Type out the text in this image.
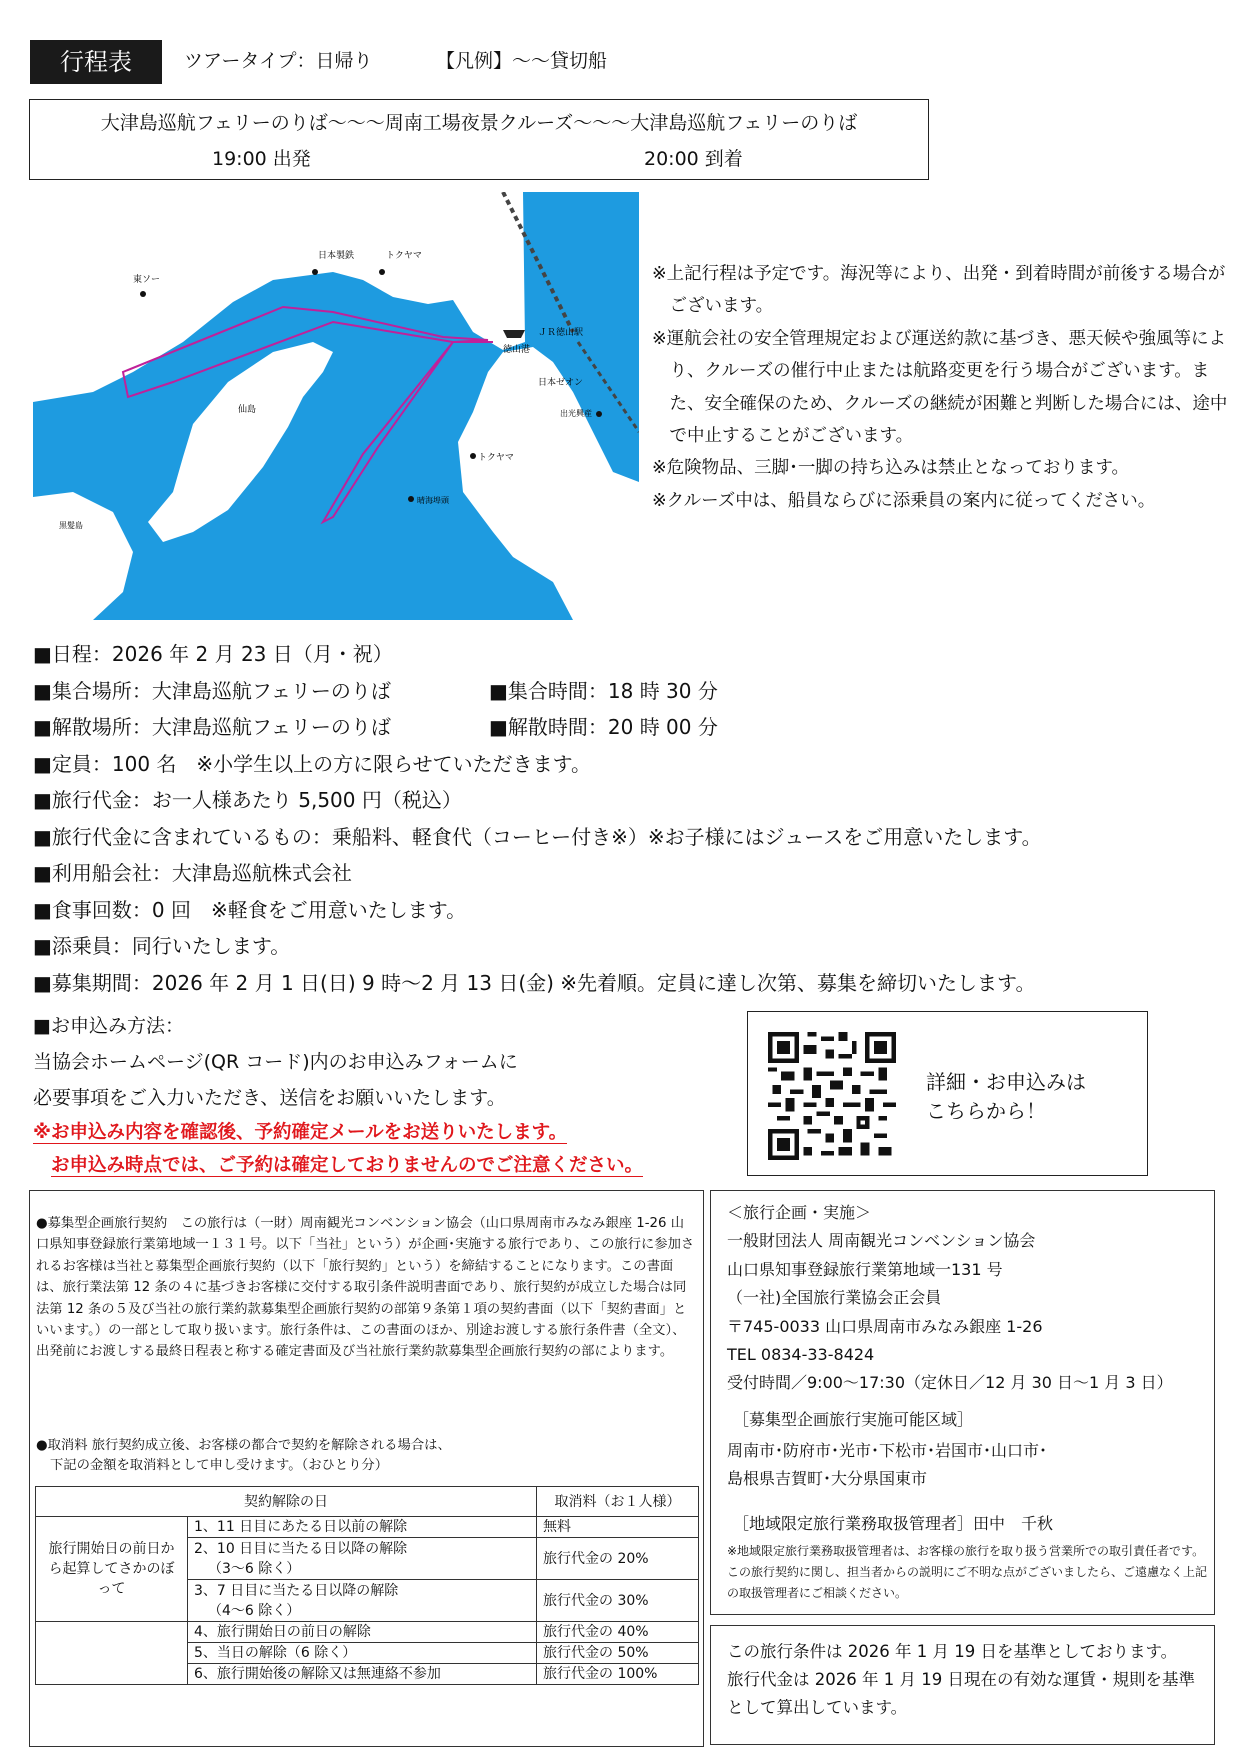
行程表	ツアータイプ：日帰り	【凡例】〜〜貸切船
大津島巡航フェリーのりば〜〜〜周南工場夜景クルーズ〜〜〜大津島巡航フェリーのりば
19:00 出発	20:00 到着
東ソー
日本製鉄	トクヤマ
ＪＲ徳山駅
徳山港
日本ゼオン
出光興産
仙島
トクヤマ
晴海埠頭
黒髪島
※上記行程は予定です。海況等により、出発・到着時間が前後する場合がございます。
※運航会社の安全管理規定および運送約款に基づき、悪天候や強風等により、クルーズの催行中止または航路変更を行う場合がございます。また、安全確保のため、クルーズの継続が困難と判断した場合には、途中で中止することがございます。
※危険物品、三脚･一脚の持ち込みは禁止となっております。
※クルーズ中は、船員ならびに添乗員の案内に従ってください。
■日程：2026 年 2 月 23 日（月・祝）
■集合場所：大津島巡航フェリーのりば	■集合時間：18 時 30 分
■解散場所：大津島巡航フェリーのりば	■解散時間：20 時 00 分
■定員：100 名　※小学生以上の方に限らせていただきます。
■旅行代金：お一人様あたり 5,500 円（税込）
■旅行代金に含まれているもの：乗船料、軽食代（コーヒー付き※）※お子様にはジュースをご用意いたします。
■利用船会社：大津島巡航株式会社
■食事回数：0 回　※軽食をご用意いたします。
■添乗員：同行いたします。
■募集期間：2026 年 2 月 1 日(日) 9 時〜2 月 13 日(金) ※先着順。定員に達し次第、募集を締切いたします。
■お申込み方法：
当協会ホームページ(QR コード)内のお申込みフォームに
必要事項をご入力いただき、送信をお願いいたします。
※お申込み内容を確認後、予約確定メールをお送りいたします。
お申込み時点では、ご予約は確定しておりませんのでご注意ください。
詳細・お申込みは
こちらから！
●募集型企画旅行契約　この旅行は（一財）周南観光コンベンション協会（山口県周南市みなみ銀座 1-26 山口県知事登録旅行業第地域一１３１号。以下「当社」という）が企画･実施する旅行であり、この旅行に参加されるお客様は当社と募集型企画旅行契約（以下「旅行契約」という）を締結することになります。この書面は、旅行業法第 12 条の４に基づきお客様に交付する取引条件説明書面であり、旅行契約が成立した場合は同法第 12 条の５及び当社の旅行業約款募集型企画旅行契約の部第９条第１項の契約書面（以下「契約書面」といいます。）の一部として取り扱います。旅行条件は、この書面のほか、別途お渡しする旅行条件書（全文）、出発前にお渡しする最終日程表と称する確定書面及び当社旅行業約款募集型企画旅行契約の部によります。
●取消料 旅行契約成立後、お客様の都合で契約を解除される場合は、
下記の金額を取消料として申し受けます。（おひとり分）
契約解除の日		取消料（お１人様）
旅行開始日の前日から起算してさかのぼって	1、11 日目にあたる日以前の解除	無料

	2、10 日目に当たる日以降の解除
（3〜6 除く）	旅行代金の 20%

	3、7 日目に当たる日以降の解除
（4〜6 除く）	旅行代金の 30%
	4、旅行開始日の前日の解除	旅行代金の 40%
	5、当日の解除（6 除く）	旅行代金の 50%
	6、旅行開始後の解除又は無連絡不参加	旅行代金の 100%
＜旅行企画・実施＞
一般財団法人 周南観光コンベンション協会
山口県知事登録旅行業第地域一131 号
（一社)全国旅行業協会正会員
〒745-0033 山口県周南市みなみ銀座 1-26
TEL 0834-33-8424
受付時間／9:00〜17:30（定休日／12 月 30 日〜1 月 3 日）
［募集型企画旅行実施可能区域］
周南市･防府市･光市･下松市･岩国市･山口市･
島根県吉賀町･大分県国東市
［地域限定旅行業務取扱管理者］田中　千秋
※地域限定旅行業務取扱管理者は、お客様の旅行を取り扱う営業所での取引責任者です。この旅行契約に関し、担当者からの説明にご不明な点がございましたら、ご遠慮なく上記の取扱管理者にご相談ください。
この旅行条件は 2026 年 1 月 19 日を基準としております。
旅行代金は 2026 年 1 月 19 日現在の有効な運賃・規則を基準として算出しています。
